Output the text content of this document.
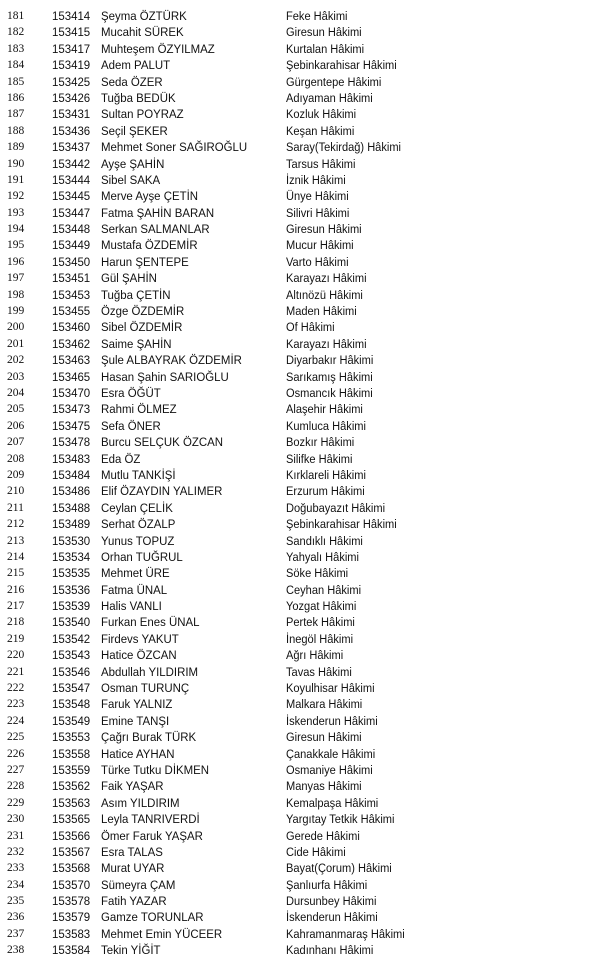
181	153414 Şeyma ÖZTÜRK	Feke Hâkimi
182	153415 Mucahit SÜREK	Giresun Hâkimi
183	153417 Muhteşem ÖZYILMAZ	Kurtalan Hâkimi
184	153419 Adem PALUT	Şebinkarahisar Hâkimi
185	153425 Seda ÖZER	Gürgentepe Hâkimi
186	153426 Tuğba BEDÜK	Adıyaman Hâkimi
187	153431 Sultan POYRAZ	Kozluk Hâkimi
188	153436 Seçil ŞEKER	Keşan Hâkimi
189	153437 Mehmet Soner SAĞIROĞLU	Saray(Tekirdağ) Hâkimi
190	153442 Ayşe ŞAHİN	Tarsus Hâkimi
191	153444 Sibel SAKA	İznik Hâkimi
192	153445 Merve Ayşe ÇETİN	Ünye Hâkimi
193	153447 Fatma ŞAHİN BARAN	Silivri Hâkimi
194	153448 Serkan SALMANLAR	Giresun Hâkimi
195	153449 Mustafa ÖZDEMİR	Mucur Hâkimi
196	153450 Harun ŞENTEPE	Varto Hâkimi
197	153451 Gül ŞAHİN	Karayazı Hâkimi
198	153453 Tuğba ÇETİN	Altınözü Hâkimi
199	153455 Özge ÖZDEMİR	Maden Hâkimi
200	153460 Sibel ÖZDEMİR	Of Hâkimi
201	153462 Saime ŞAHİN	Karayazı Hâkimi
202	153463 Şule ALBAYRAK ÖZDEMİR	Diyarbakır Hâkimi
203	153465 Hasan Şahin SARIOĞLU	Sarıkamış Hâkimi
204	153470 Esra ÖĞÜT	Osmancık Hâkimi
205	153473 Rahmi ÖLMEZ	Alaşehir Hâkimi
206	153475 Sefa ÖNER	Kumluca Hâkimi
207	153478 Burcu SELÇUK ÖZCAN	Bozkır Hâkimi
208	153483 Eda ÖZ	Silifke Hâkimi
209	153484 Mutlu TANKİŞİ	Kırklareli Hâkimi
210	153486 Elif ÖZAYDIN YALIMER	Erzurum Hâkimi
211	153488 Ceylan ÇELİK	Doğubayazıt Hâkimi
212	153489 Serhat ÖZALP	Şebinkarahisar Hâkimi
213	153530 Yunus TOPUZ	Sandıklı Hâkimi
214	153534 Orhan TUĞRUL	Yahyalı Hâkimi
215	153535 Mehmet ÜRE	Söke Hâkimi
216	153536 Fatma ÜNAL	Ceyhan Hâkimi
217	153539 Halis VANLI	Yozgat Hâkimi
218	153540 Furkan Enes ÜNAL	Pertek Hâkimi
219	153542 Firdevs YAKUT	İnegöl Hâkimi
220	153543 Hatice ÖZCAN	Ağrı Hâkimi
221	153546 Abdullah YILDIRIM	Tavas Hâkimi
222	153547 Osman TURUNÇ	Koyulhisar Hâkimi
223	153548 Faruk YALNIZ	Malkara Hâkimi
224	153549 Emine TANŞI	İskenderun Hâkimi
225	153553 Çağrı Burak TÜRK	Giresun Hâkimi
226	153558 Hatice AYHAN	Çanakkale Hâkimi
227	153559 Türke Tutku DİKMEN	Osmaniye Hâkimi
228	153562 Faik YAŞAR	Manyas Hâkimi
229	153563 Asım YILDIRIM	Kemalpaşa Hâkimi
230	153565 Leyla TANRIVERDİ	Yargıtay Tetkik Hâkimi
231	153566 Ömer Faruk YAŞAR	Gerede Hâkimi
232	153567 Esra TALAS	Cide Hâkimi
233	153568 Murat UYAR	Bayat(Çorum) Hâkimi
234	153570 Sümeyra ÇAM	Şanlıurfa Hâkimi
235	153578 Fatih YAZAR	Dursunbey Hâkimi
236	153579 Gamze TORUNLAR	İskenderun Hâkimi
237	153583 Mehmet Emin YÜCEER	Kahramanmaraş Hâkimi
238	153584 Tekin YİĞİT	Kadınhanı Hâkimi
